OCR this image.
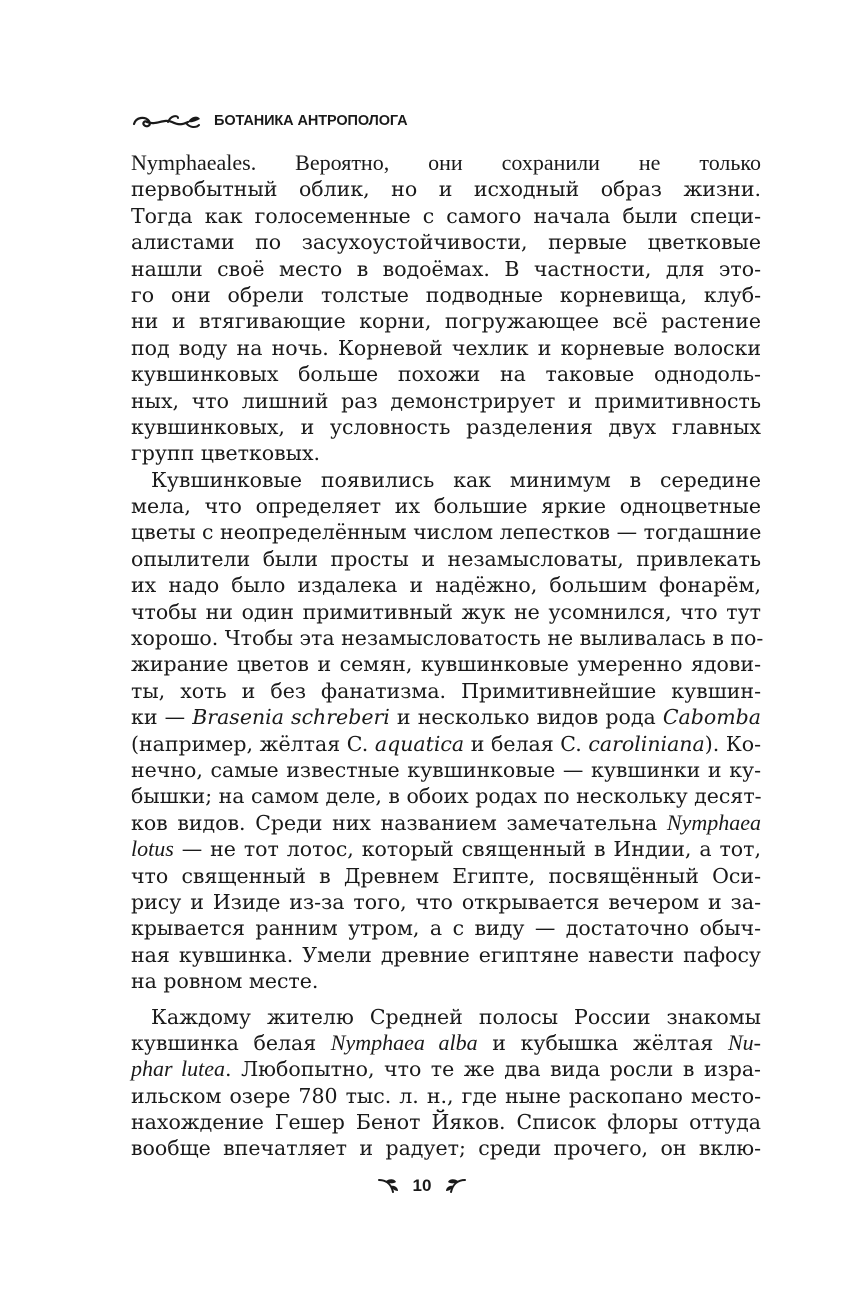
БОТАНИКА АНТРОПОЛОГА
Nymphaeales. Вероятно, они сохранили не только
первобытный облик, но и исходный образ жизни.
Тогда как голосеменные с самого начала были специ-
алистами по засухоустойчивости, первые цветковые
нашли своё место в водоёмах. В частности, для это-
го они обрели толстые подводные корневища, клуб-
ни и втягивающие корни, погружающее всё растение
под воду на ночь. Корневой чехлик и корневые волоски
кувшинковых больше похожи на таковые однодоль-
ных, что лишний раз демонстрирует и примитивность
кувшинковых, и условность разделения двух главных
групп цветковых.
Кувшинковые появились как минимум в середине
мела, что определяет их большие яркие одноцветные
цветы с неопределённым числом лепестков — тогдашние
опылители были просты и незамысловаты, привлекать
их надо было издалека и надёжно, большим фонарём,
чтобы ни один примитивный жук не усомнился, что тут
хорошо. Чтобы эта незамысловатость не выливалась в по-
жирание цветов и семян, кувшинковые умеренно ядови-
ты, хоть и без фанатизма. Примитивнейшие кувшин-
ки — Brasenia schreberi и несколько видов рода Cabomba
(например, жёлтая C. aquatica и белая C. caroliniana). Ко-
нечно, самые известные кувшинковые — кувшинки и ку-
бышки; на самом деле, в обоих родах по нескольку десят-
ков видов. Среди них названием замечательна Nymphaea
lotus — не тот лотос, который священный в Индии, а тот,
что священный в Древнем Египте, посвящённый Оси-
рису и Изиде из-за того, что открывается вечером и за-
крывается ранним утром, а с виду — достаточно обыч-
ная кувшинка. Умели древние египтяне навести пафосу
на ровном месте.
Каждому жителю Средней полосы России знакомы
кувшинка белая Nymphaea alba и кубышка жёлтая Nu-
phar lutea. Любопытно, что те же два вида росли в изра-
ильском озере 780 тыс. л. н., где ныне раскопано место-
нахождение Гешер Бенот Йяков. Список флоры оттуда
вообще впечатляет и радует; среди прочего, он вклю-
10
